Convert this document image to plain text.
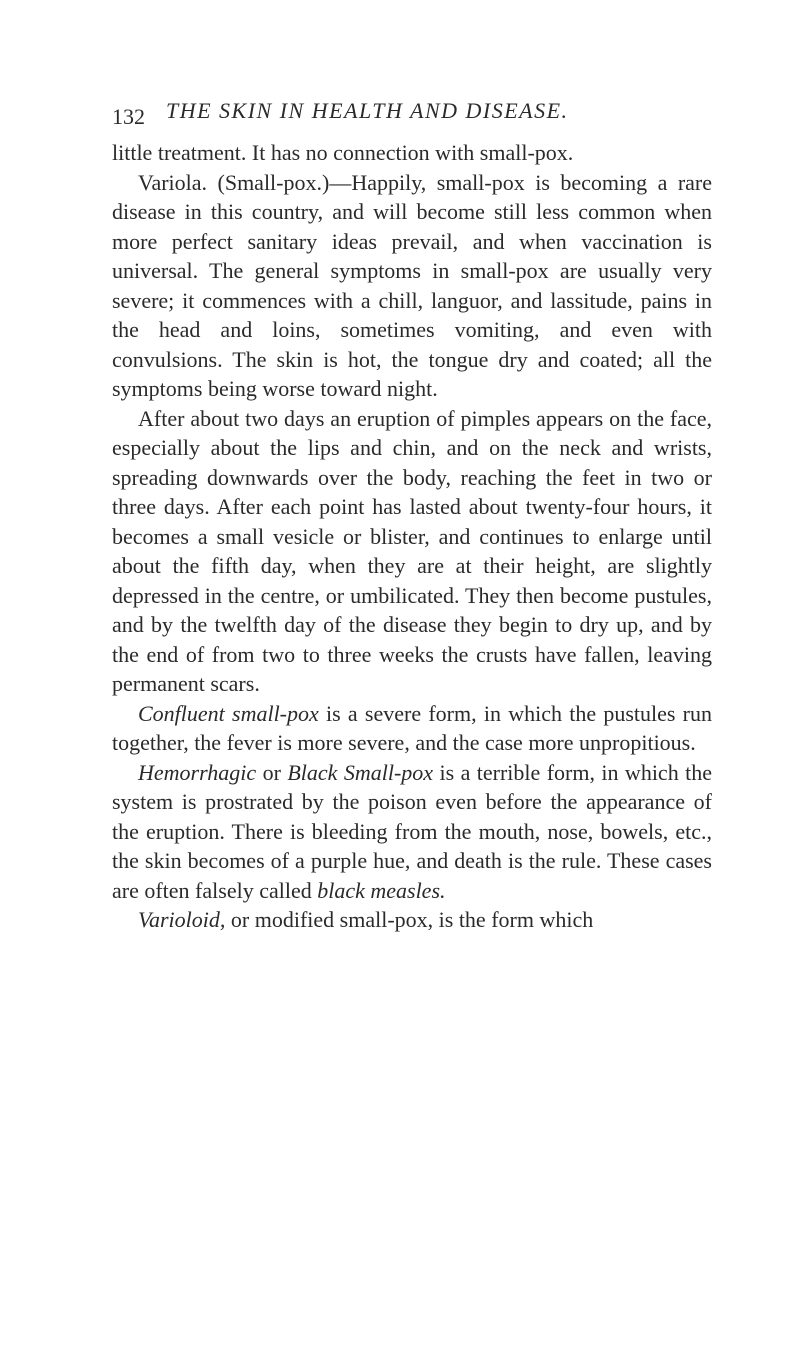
132 THE SKIN IN HEALTH AND DISEASE.

little treatment. It has no connection with small-pox.

Variola. (Small-pox.)—Happily, small-pox is becoming a rare disease in this country, and will become still less common when more perfect sanitary ideas prevail, and when vaccination is universal. The general symptoms in small-pox are usually very severe; it commences with a chill, languor, and lassitude, pains in the head and loins, sometimes vomiting, and even with convulsions. The skin is hot, the tongue dry and coated; all the symptoms being worse toward night.

After about two days an eruption of pimples appears on the face, especially about the lips and chin, and on the neck and wrists, spreading downwards over the body, reaching the feet in two or three days. After each point has lasted about twenty-four hours, it becomes a small vesicle or blister, and continues to enlarge until about the fifth day, when they are at their height, are slightly depressed in the centre, or umbilicated. They then become pustules, and by the twelfth day of the disease they begin to dry up, and by the end of from two to three weeks the crusts have fallen, leaving permanent scars.

Confluent small-pox is a severe form, in which the pustules run together, the fever is more severe, and the case more unpropitious.

Hemorrhagic or Black Small-pox is a terrible form, in which the system is prostrated by the poison even before the appearance of the eruption. There is bleeding from the mouth, nose, bowels, etc., the skin becomes of a purple hue, and death is the rule. These cases are often falsely called black measles.

Varioloid, or modified small-pox, is the form which
